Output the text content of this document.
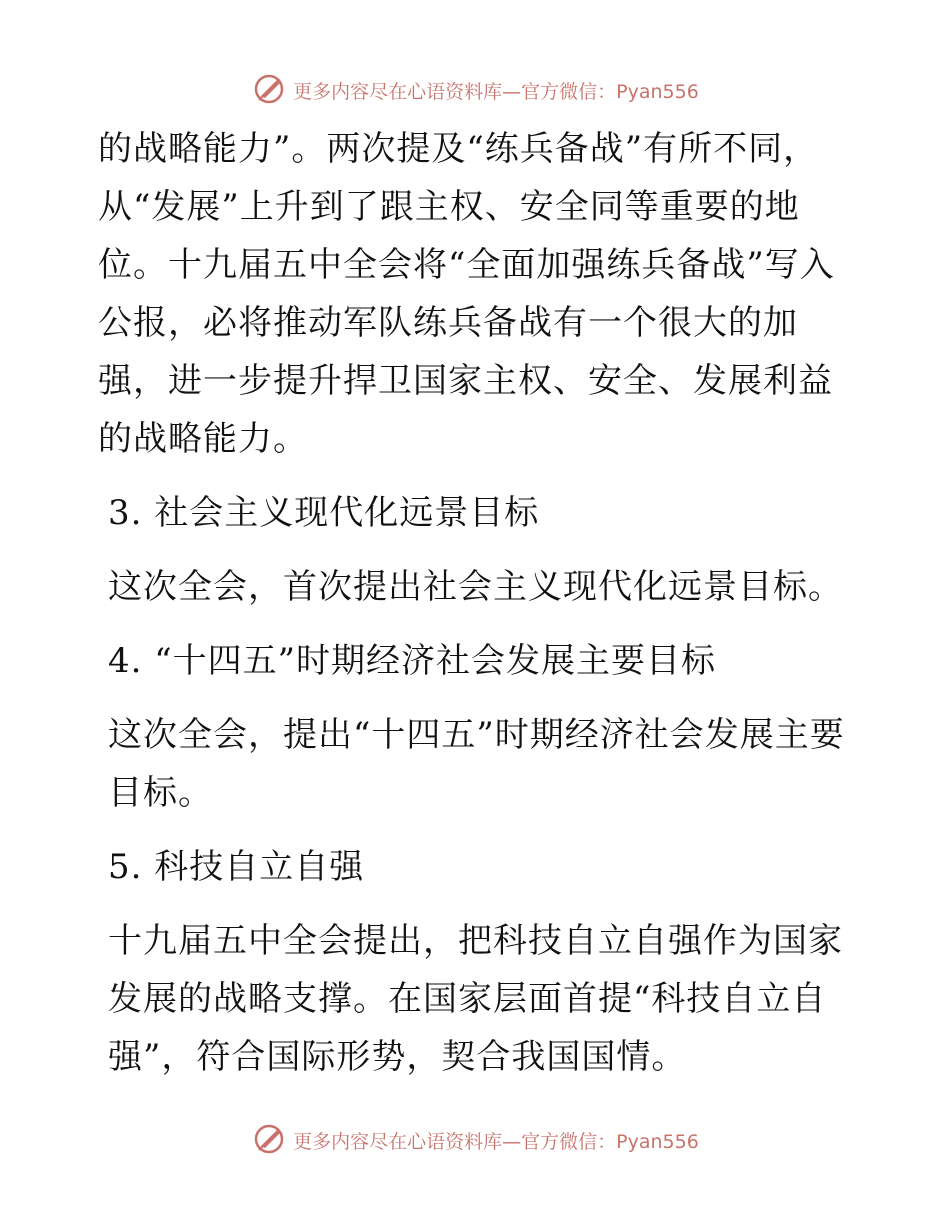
更多内容尽在心语资料库—官方微信：Pyan556

的战略能力”。两次提及“练兵备战”有所不同，从“发展”上升到了跟主权、安全同等重要的地位。十九届五中全会将“全面加强练兵备战”写入公报，必将推动军队练兵备战有一个很大的加强，进一步提升捍卫国家主权、安全、发展利益的战略能力。

3. 社会主义现代化远景目标

这次全会，首次提出社会主义现代化远景目标。

4. “十四五”时期经济社会发展主要目标

这次全会，提出“十四五”时期经济社会发展主要目标。

5. 科技自立自强

十九届五中全会提出，把科技自立自强作为国家发展的战略支撑。在国家层面首提“科技自立自强”，符合国际形势，契合我国国情。

更多内容尽在心语资料库—官方微信：Pyan556
